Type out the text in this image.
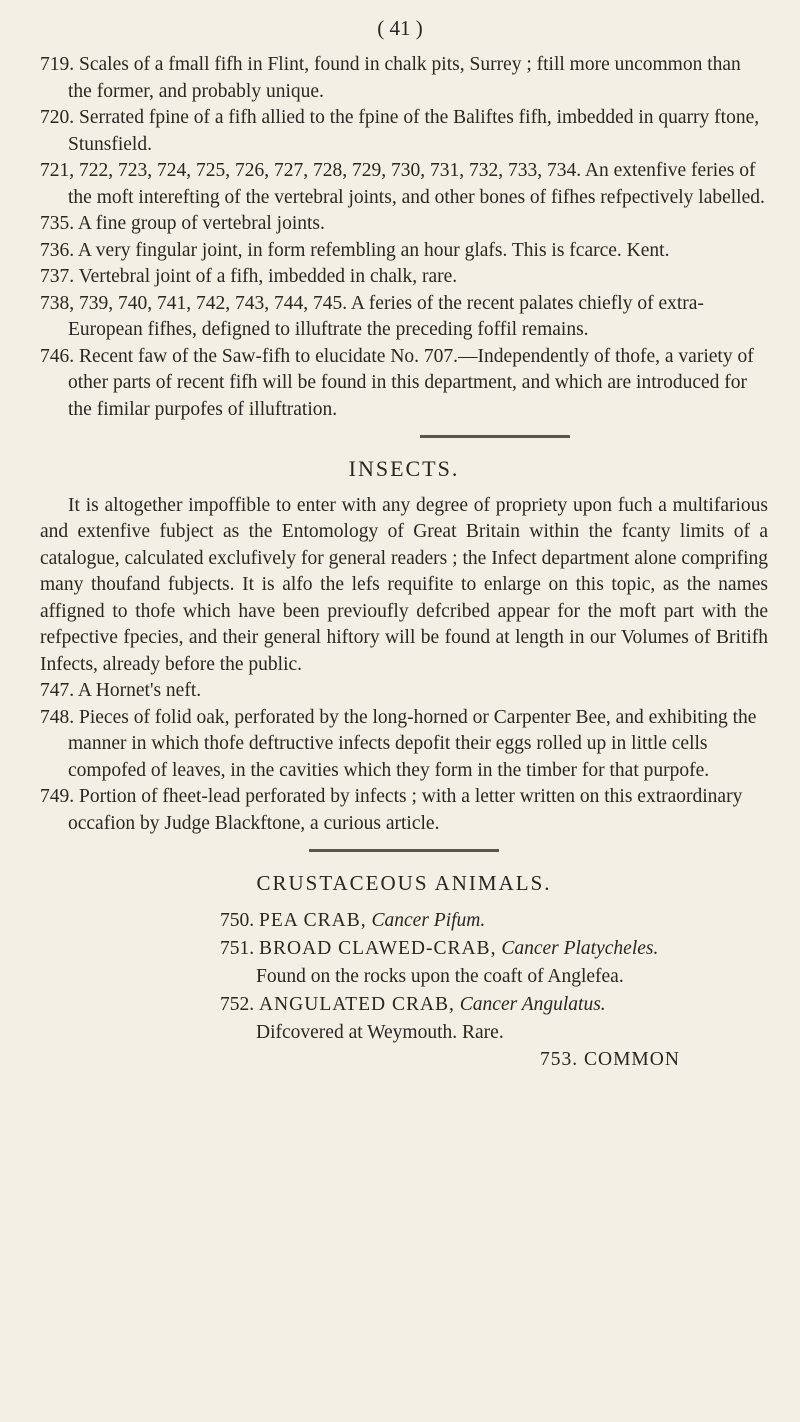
( 41 )

719. Scales of a fmall fifh in Flint, found in chalk pits, Surrey ; ftill more uncommon than the former, and probably unique.

720. Serrated fpine of a fifh allied to the fpine of the Baliftes fifh, imbedded in quarry ftone, Stunsfield.

721, 722, 723, 724, 725, 726, 727, 728, 729, 730, 731, 732, 733, 734. An extenfive feries of the moft interefting of the vertebral joints, and other bones of fifhes refpectively labelled.

735. A fine group of vertebral joints.

736. A very fingular joint, in form refembling an hour glafs. This is fcarce. Kent.

737. Vertebral joint of a fifh, imbedded in chalk, rare.

738, 739, 740, 741, 742, 743, 744, 745. A feries of the recent palates chiefly of extra-European fifhes, defigned to illuftrate the preceding foffil remains.

746. Recent faw of the Saw-fifh to elucidate No. 707.—Independently of thofe, a variety of other parts of recent fifh will be found in this department, and which are introduced for the fimilar purpofes of illuftration.

INSECTS.

It is altogether impoffible to enter with any degree of propriety upon fuch a multifarious and extenfive fubject as the Entomology of Great Britain within the fcanty limits of a catalogue, calculated exclufively for general readers ; the Infect department alone comprifing many thoufand fubjects. It is alfo the lefs requifite to enlarge on this topic, as the names affigned to thofe which have been previoufly defcribed appear for the moft part with the refpective fpecies, and their general hiftory will be found at length in our Volumes of Britifh Infects, already before the public.

747. A Hornet's neft.

748. Pieces of folid oak, perforated by the long-horned or Carpenter Bee, and exhibiting the manner in which thofe deftructive infects depofit their eggs rolled up in little cells compofed of leaves, in the cavities which they form in the timber for that purpofe.

749. Portion of fheet-lead perforated by infects ; with a letter written on this extraordinary occafion by Judge Blackftone, a curious article.

CRUSTACEOUS ANIMALS.

750. PEA CRAB, Cancer Pifum.

751. BROAD CLAWED-CRAB, Cancer Platycheles.

Found on the rocks upon the coaft of Anglefea.

752. ANGULATED CRAB, Cancer Angulatus.

Difcovered at Weymouth. Rare.

753. COMMON
